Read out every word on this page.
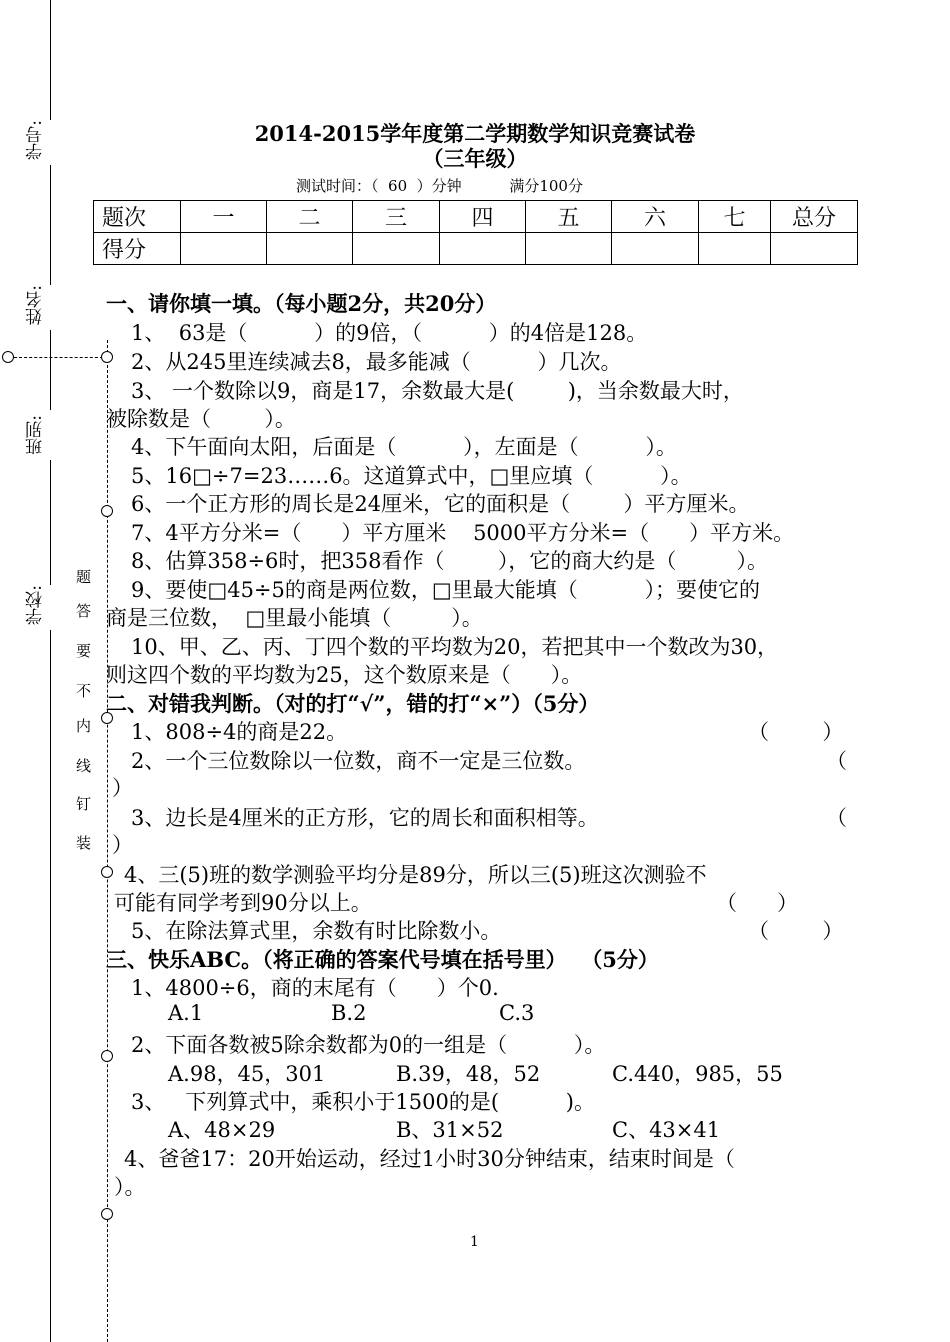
学号:
姓名:
班别:
学校:
题
答
要
不
内
线
钉
装
2014-2015学年度第二学期数学知识竞赛试卷
（三年级）
测试时间：（  60  ）分钟          满分100分
题次	一	二	三	四	五	六	七	总分
得分								
一、请你填一填。（每小题2分，共20分）
1、  63是（          ）的9倍，（          ）的4倍是128。
2、从245里连续减去8，最多能减（          ）几次。
3、 一个数除以9，商是17，余数最大是(        )，当余数最大时，
被除数是（        ）。
4、下午面向太阳，后面是（          ），左面是（          ）。
5、16□÷7=23……6。这道算式中，□里应填（          ）。
6、一个正方形的周长是24厘米，它的面积是（        ）平方厘米。
7、4平方分米=（      ）平方厘米    5000平方分米=（      ）平方米。
8、估算358÷6时，把358看作（        ），它的商大约是（         ）。
9、要使□45÷5的商是两位数，□里最大能填（          ）；要使它的
商是三位数，  □里最小能填（         ）。
10、甲、乙、丙、丁四个数的平均数为20，若把其中一个数改为30，
则这四个数的平均数为25，这个数原来是（      ）。
二、对错我判断。（对的打“√”，错的打“×”）（5分）
1、808÷4的商是22。	（        ）
2、一个三位数除以一位数，商不一定是三位数。	（
）
3、边长是4厘米的正方形，它的周长和面积相等。	（
）
4、三(5)班的数学测验平均分是89分，所以三(5)班这次测验不
可能有同学考到90分以上。	（      ）
5、在除法算式里，余数有时比除数小。	（        ）
三、快乐ABC。（将正确的答案代号填在括号里）  （5分）
1、4800÷6，商的末尾有（      ）个0.
A.1	B.2	C.3
2、下面各数被5除余数都为0的一组是（          ）。
A.98，45，301	B.39，48，52	C.440，985，55
3、   下列算式中，乘积小于1500的是(          )。
A、48×29	B、31×52	C、43×41
4、爸爸17：20开始运动，经过1小时30分钟结束，结束时间是（
）。
1
